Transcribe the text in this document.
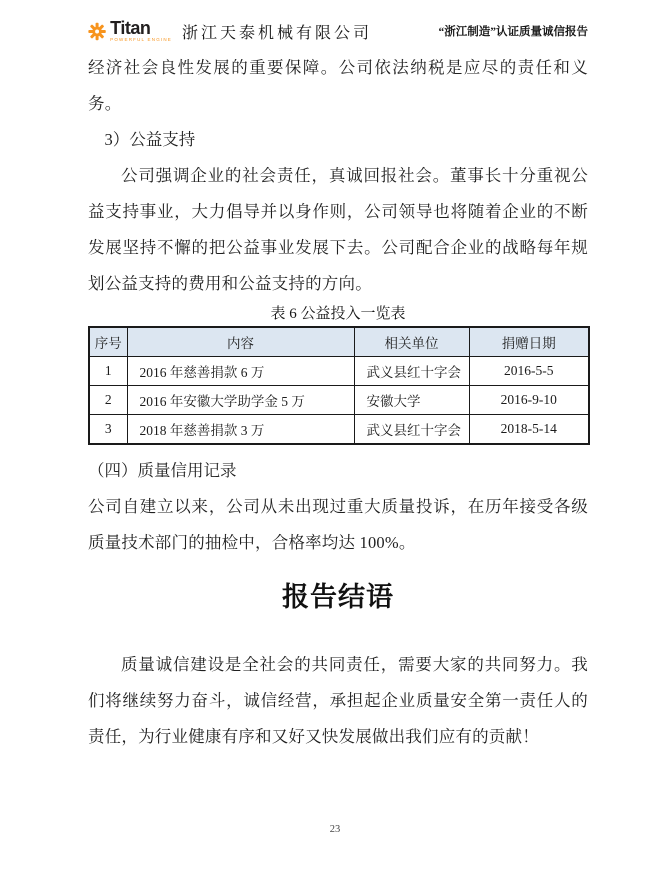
Titan
POWERFUL ENGINE 浙江天泰机械有限公司	“浙江制造”认证质量诚信报告

经济社会良性发展的重要保障。公司依法纳税是应尽的责任和义务。

3）公益支持

公司强调企业的社会责任，真诚回报社会。董事长十分重视公益支持事业，大力倡导并以身作则，公司领导也将随着企业的不断发展坚持不懈的把公益事业发展下去。公司配合企业的战略每年规划公益支持的费用和公益支持的方向。

表 6 公益投入一览表

序号	内容	相关单位	捐赠日期
1	2016 年慈善捐款 6 万	武义县红十字会	2016-5-5
2	2016 年安徽大学助学金 5 万	安徽大学	2016-9-10
3	2018 年慈善捐款 3 万	武义县红十字会	2018-5-14

（四）质量信用记录

公司自建立以来，公司从未出现过重大质量投诉，在历年接受各级质量技术部门的抽检中，合格率均达 100%。

报告结语

质量诚信建设是全社会的共同责任，需要大家的共同努力。我们将继续努力奋斗，诚信经营，承担起企业质量安全第一责任人的责任，为行业健康有序和又好又快发展做出我们应有的贡献！

23
